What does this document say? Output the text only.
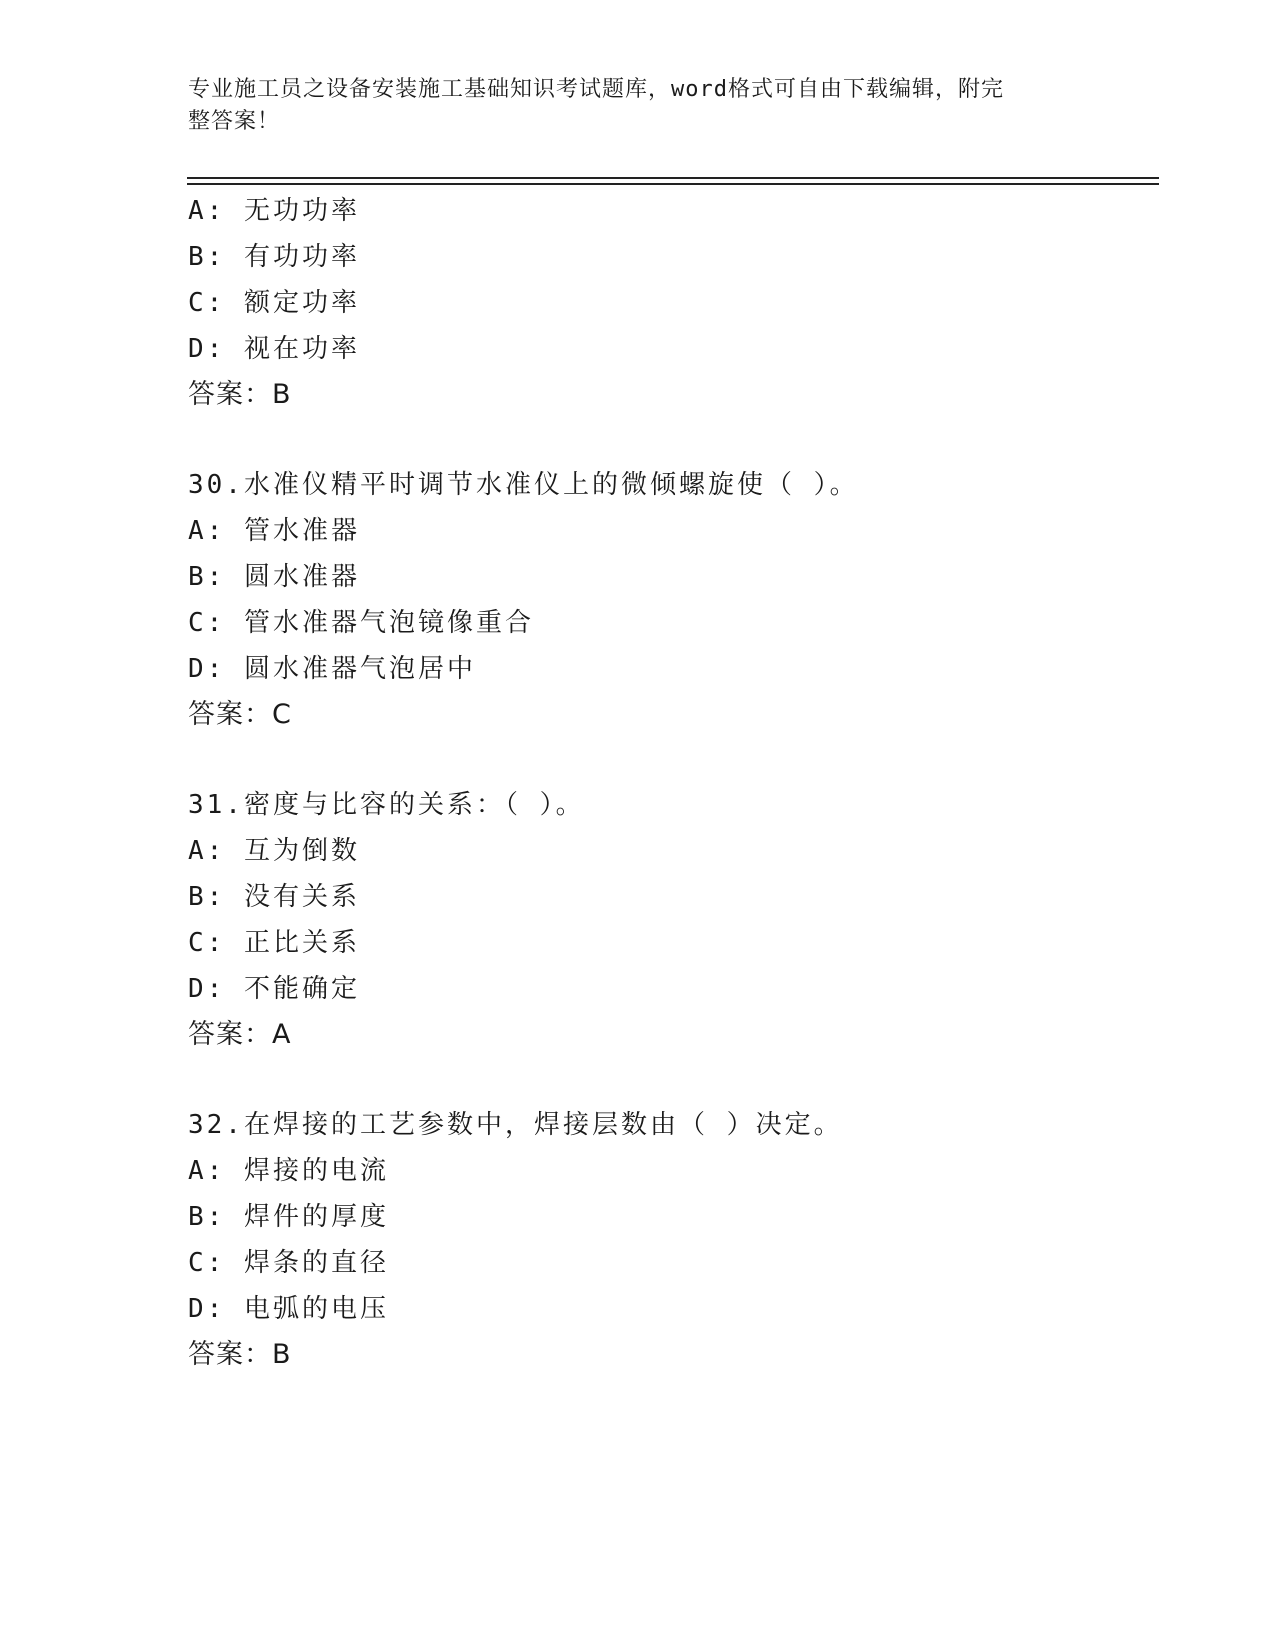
专业施工员之设备安装施工基础知识考试题库，word格式可自由下载编辑，附完
整答案！
A: 无功功率
B: 有功功率
C: 额定功率
D: 视在功率
答案：B
30.水准仪精平时调节水准仪上的微倾螺旋使（ ）。
A: 管水准器
B: 圆水准器
C: 管水准器气泡镜像重合
D: 圆水准器气泡居中
答案：C
31.密度与比容的关系：（ ）。
A: 互为倒数
B: 没有关系
C: 正比关系
D: 不能确定
答案：A
32.在焊接的工艺参数中，焊接层数由（ ）决定。
A: 焊接的电流
B: 焊件的厚度
C: 焊条的直径
D: 电弧的电压
答案：B
